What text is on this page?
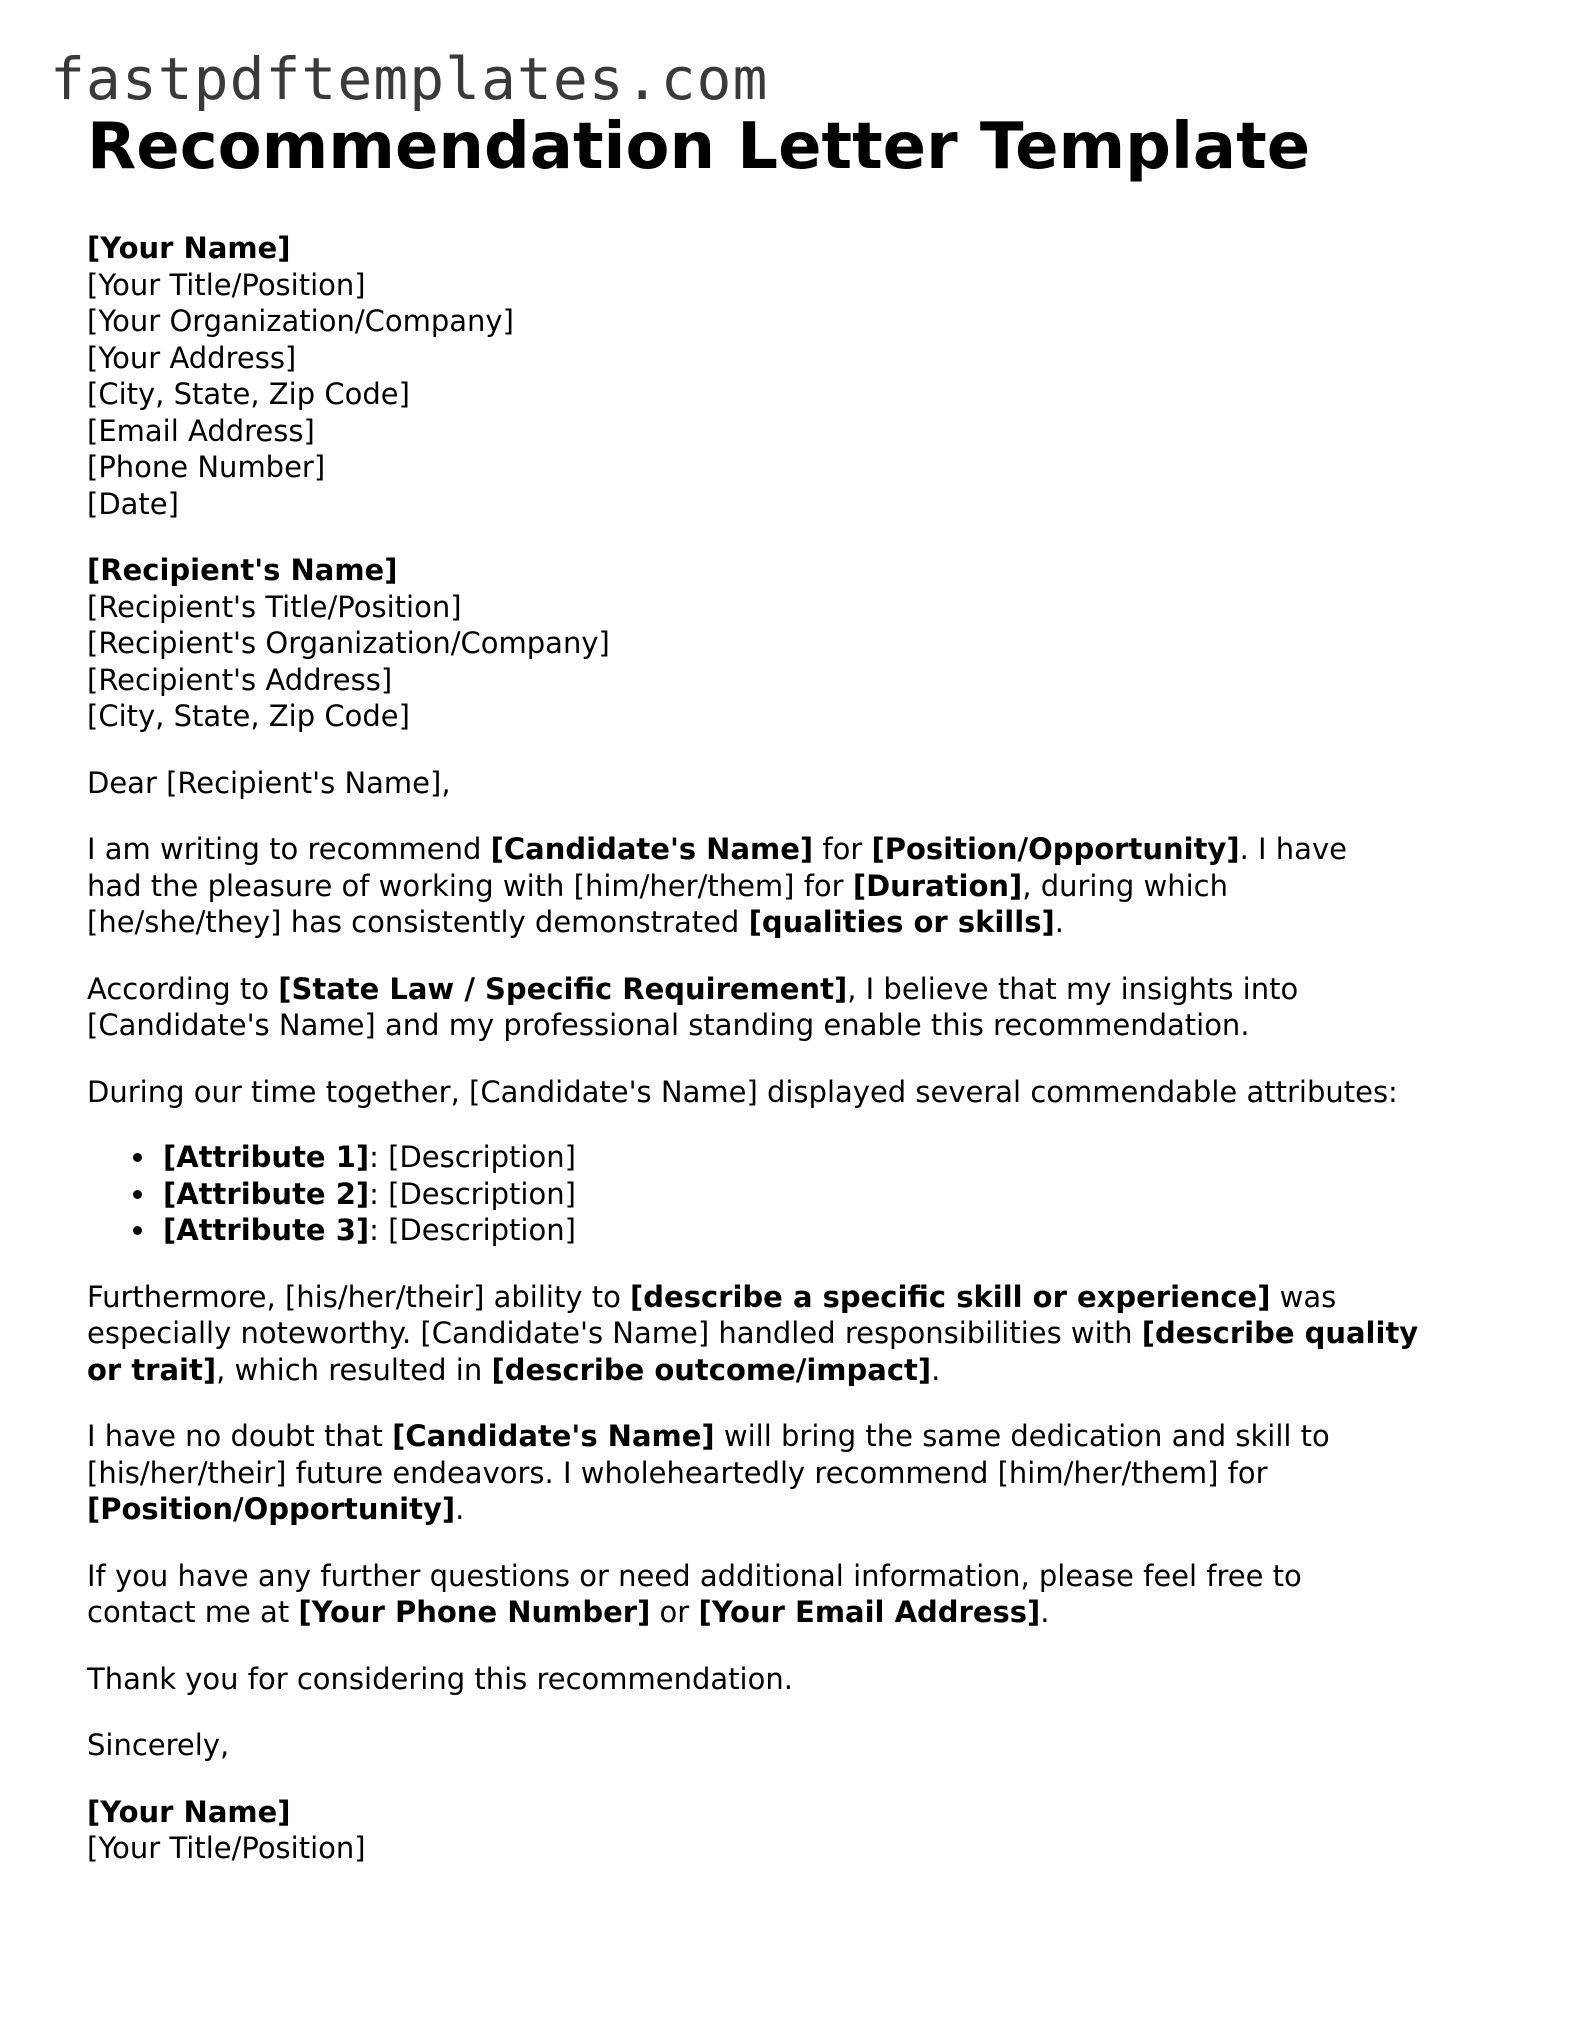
fastpdftemplates.com
Recommendation Letter Template
[Your Name]
[Your Title/Position]
[Your Organization/Company]
[Your Address]
[City, State, Zip Code]
[Email Address]
[Phone Number]
[Date]
[Recipient's Name]
[Recipient's Title/Position]
[Recipient's Organization/Company]
[Recipient's Address]
[City, State, Zip Code]

Dear [Recipient's Name],

I am writing to recommend [Candidate's Name] for [Position/Opportunity]. I have
had the pleasure of working with [him/her/them] for [Duration], during which
[he/she/they] has consistently demonstrated [qualities or skills].

According to [State Law / Specific Requirement], I believe that my insights into
[Candidate's Name] and my professional standing enable this recommendation.

During our time together, [Candidate's Name] displayed several commendable attributes:

[Attribute 1]: [Description]
[Attribute 2]: [Description]
[Attribute 3]: [Description]

Furthermore, [his/her/their] ability to [describe a specific skill or experience] was
especially noteworthy. [Candidate's Name] handled responsibilities with [describe quality
or trait], which resulted in [describe outcome/impact].

I have no doubt that [Candidate's Name] will bring the same dedication and skill to
[his/her/their] future endeavors. I wholeheartedly recommend [him/her/them] for
[Position/Opportunity].

If you have any further questions or need additional information, please feel free to
contact me at [Your Phone Number] or [Your Email Address].

Thank you for considering this recommendation.

Sincerely,

[Your Name]
[Your Title/Position]
